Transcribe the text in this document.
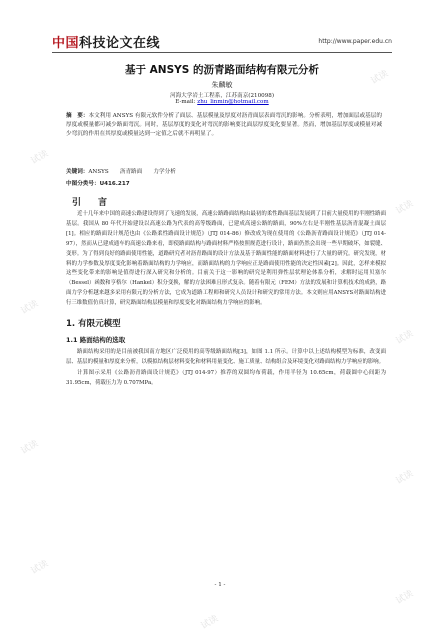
中国科技论文在线	http://www.paper.edu.cn
试读
试读
试读
试读
试读
试读
试读
试读
试读
试读
基于 ANSYS 的沥青路面结构有限元分析
朱麟敏
河海大学岩土工程系，江苏南京(210098)
E-mail: zhu_linmin@hotmail.com
摘　要：本文利用 ANSYS 有限元软件分析了面层、基层模量及厚度对沥青面层表面弯沉的影响。分析表明，增加面层或基层的厚度或模量都可减少路面弯沉。同时，基层厚度的变化对弯沉的影响要比面层厚度变化要显著。然而，增加基层厚度或模量对减少弯沉的作用在其厚度或模量达到一定值之后就不再明显了。
关键词：ANSYS　　沥青路面　　力学分析
中图分类号：U416.217
引　言
近十几年来中国的高速公路建设得到了飞速的发展，高速公路路面结构由最初的柔性路面基层发展到了目前大量使用的半刚性路面基层。我国从 80 年代开始建设以高速公路为代表的高等级路面，已建成高速公路的路面，90%左右是半刚性基层沥青混凝土面层[1]。相应的路面设计规范也由《公路柔性路面设计规范》（JTJ 014-86）修改成为现在使用的《公路沥青路面设计规范》（JTJ 014-97），然而从已建成通车的高速公路来看，即使路面结构与路面材料严格按照规范进行设计，路面仍然会出现一些早期破坏，如裂缝、变形。为了得到良好的路面使用性能，道路研究者对沥青路面的设计方法及基于路面性能的路面材料进行了大量的研究。研究发现，材料的力学参数及厚度变化影响着路面结构的力学响应，而路面结构的力学响应正是路面使用性能的决定性因素[2]。因此，怎样来模拟这些变化带来的影响是值得进行深入研究和分析的。目前关于这一影响的研究是利用弹性层状理论体系分析，求解时运用贝塞尔（Bessel）函数和亨格尔（Hankel）积分变换，解的方法困难且形式复杂。随着有限元（FEM）方法的发展和计算机技术的成熟，路面力学分析越来越多采用有限元的分析方法，它成为道路工程师和研究人员设计和研究的常用方法。本文则应用ANSYS对路面结构进行三维数值仿真计算，研究路面结构层模量和厚度变化对路面结构力学响应的影响。
1. 有限元模型
1.1 路面结构的选取
路面结构采用的是目前被我国南方地区广泛使用的高等级路面结构[3]，如图 1.1 所示。计算中以上述结构模型为标准，改变面层、基层的模量和厚度来分析，以模拟结构层材料变化和材料用量变化、施工质量、结构组合及环境变化对路面结构力学响应的影响。
计算图示采用《公路沥青路面设计规范》（JTJ 014-97）推荐的双圆均布荷载，作用半径为 10.65cm，荷载圆中心间距为 31.95cm，荷载压力为 0.707MPa。
- 1 -
